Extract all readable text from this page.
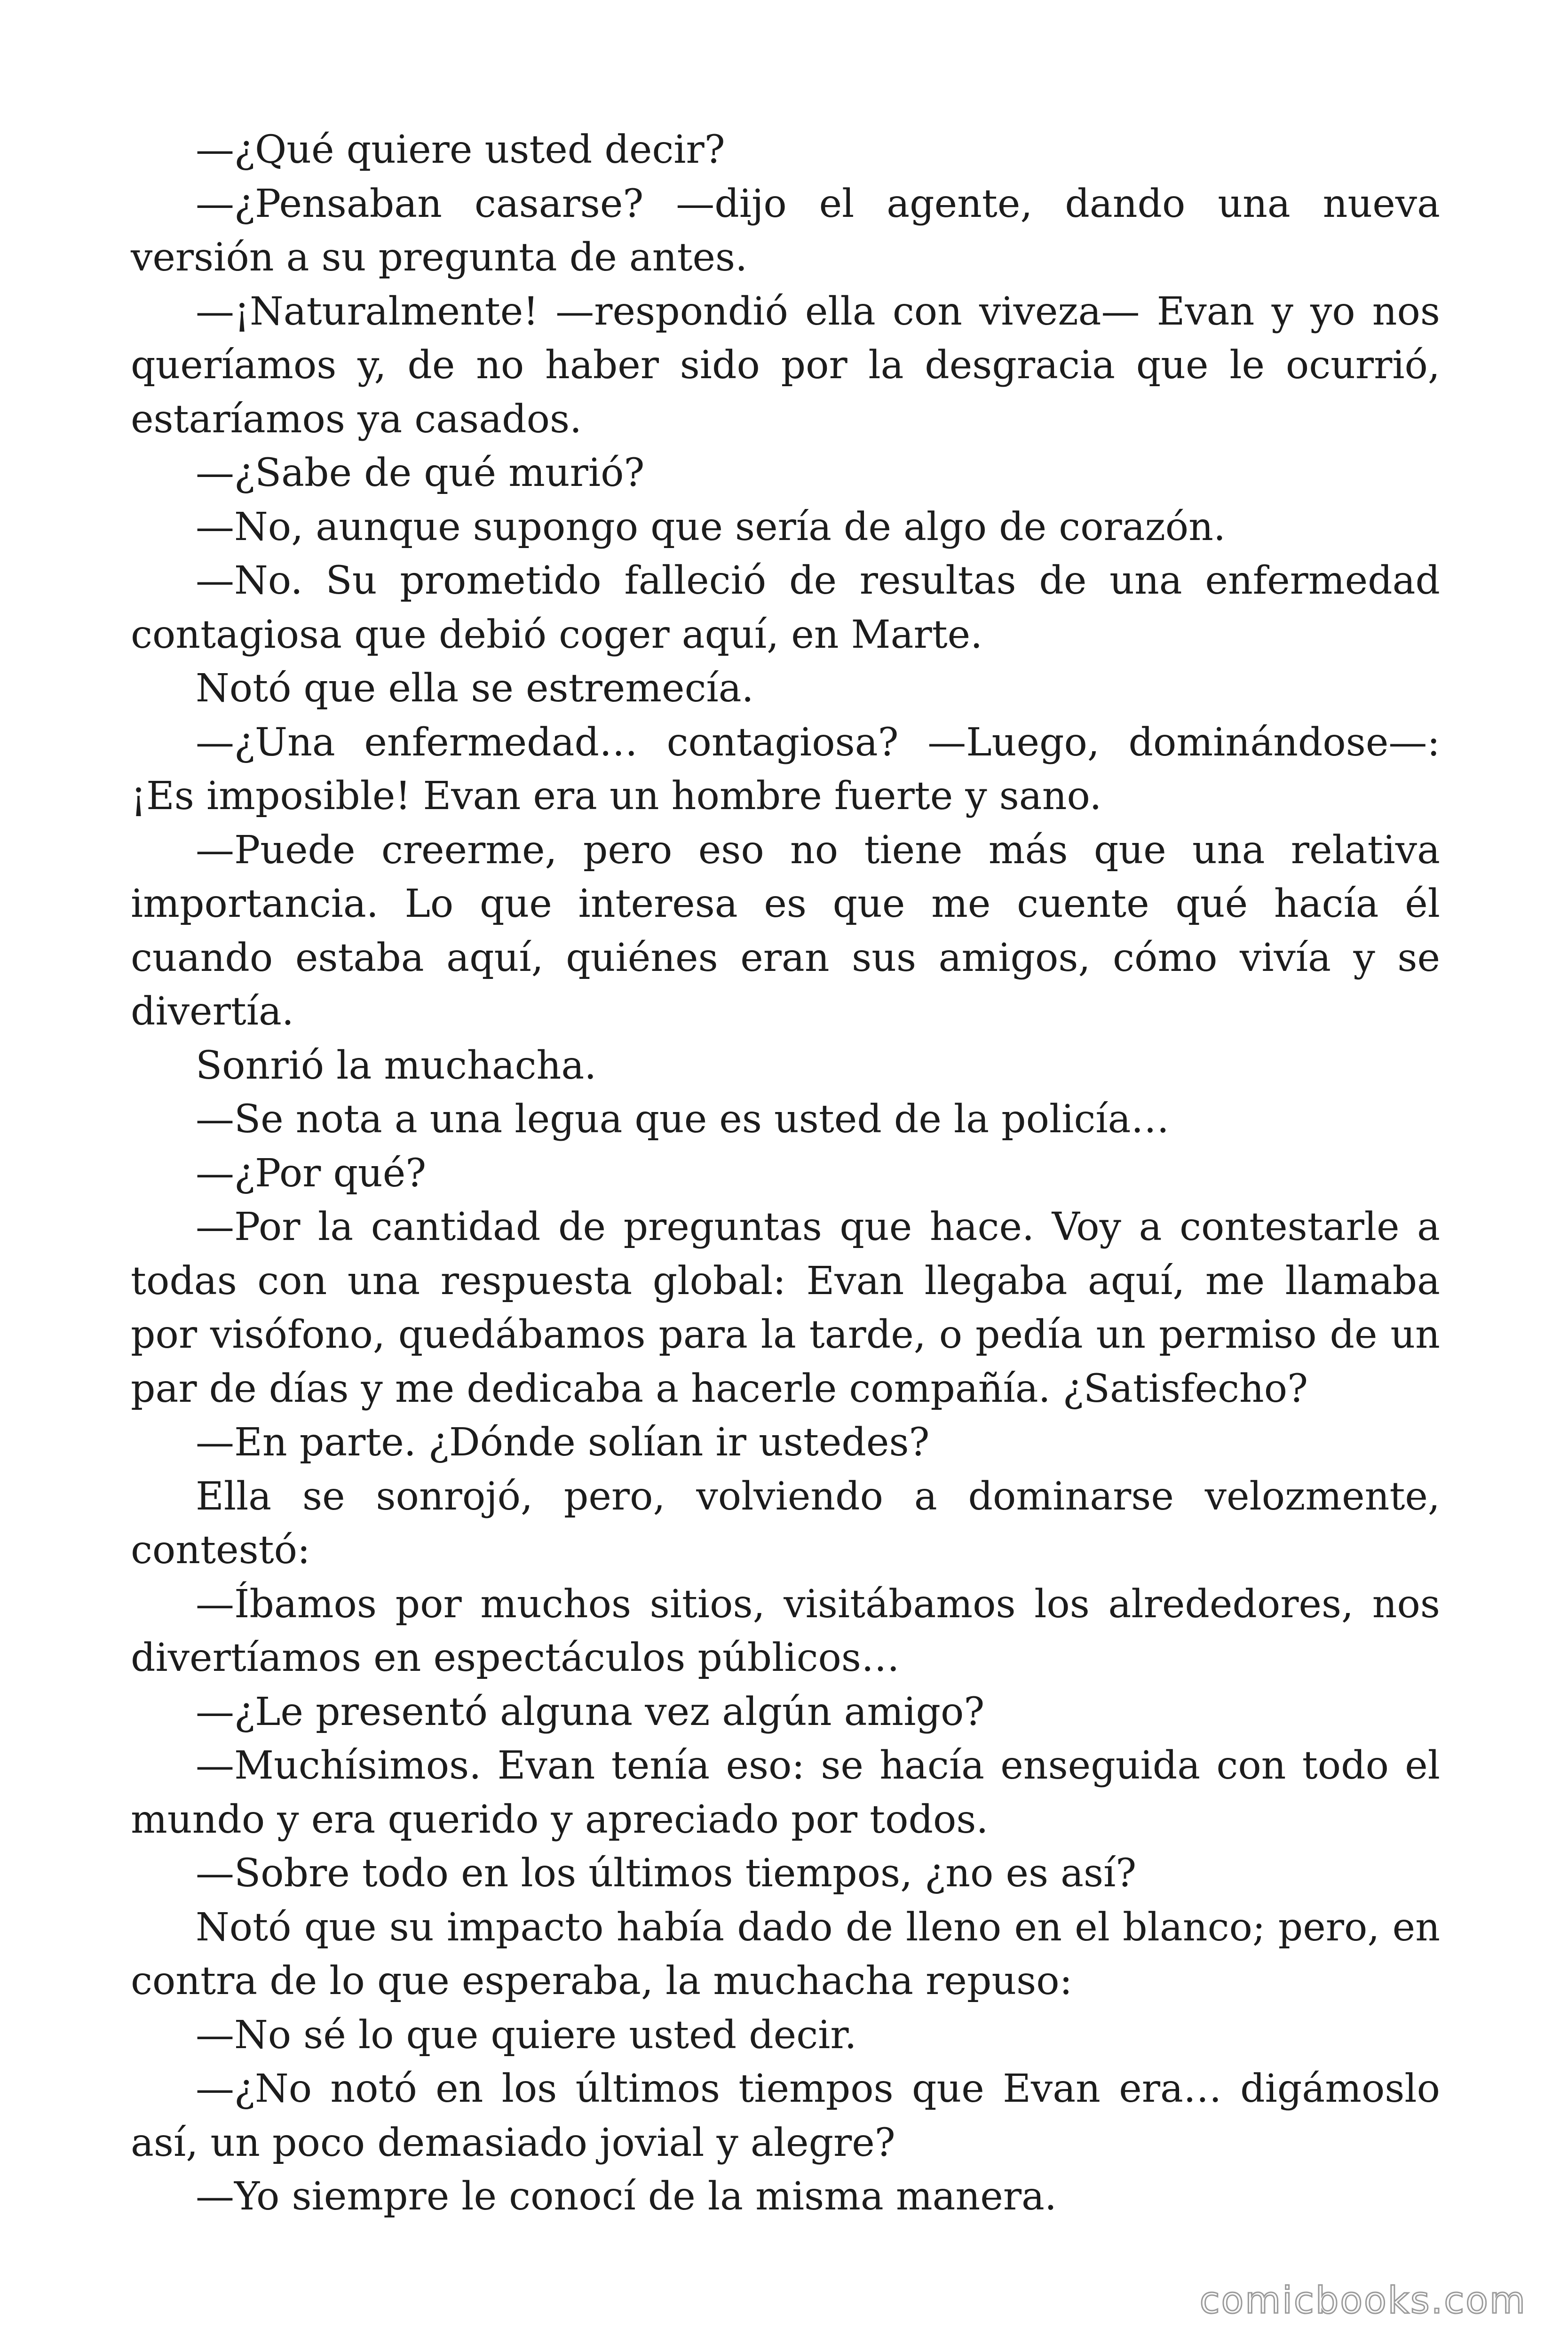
—¿Qué quiere usted decir?

—¿Pensaban casarse? —dijo el agente, dando una nueva versión a su pregunta de antes.

—¡Naturalmente! —respondió ella con viveza— Evan y yo nos queríamos y, de no haber sido por la desgracia que le ocurrió, estaríamos ya casados.

—¿Sabe de qué murió?

—No, aunque supongo que sería de algo de corazón.

—No. Su prometido falleció de resultas de una enfermedad contagiosa que debió coger aquí, en Marte.

Notó que ella se estremecía.

—¿Una enfermedad… contagiosa? —Luego, dominándose—: ¡Es imposible! Evan era un hombre fuerte y sano.

—Puede creerme, pero eso no tiene más que una relativa importancia. Lo que interesa es que me cuente qué hacía él cuando estaba aquí, quiénes eran sus amigos, cómo vivía y se divertía.

Sonrió la muchacha.

—Se nota a una legua que es usted de la policía…

—¿Por qué?

—Por la cantidad de preguntas que hace. Voy a contestarle a todas con una respuesta global: Evan llegaba aquí, me llamaba por visófono, quedábamos para la tarde, o pedía un permiso de un par de días y me dedicaba a hacerle compañía. ¿Satisfecho?

—En parte. ¿Dónde solían ir ustedes?

Ella se sonrojó, pero, volviendo a dominarse velozmente, contestó:

—Íbamos por muchos sitios, visitábamos los alrededores, nos divertíamos en espectáculos públicos…

—¿Le presentó alguna vez algún amigo?

—Muchísimos. Evan tenía eso: se hacía enseguida con todo el mundo y era querido y apreciado por todos.

—Sobre todo en los últimos tiempos, ¿no es así?

Notó que su impacto había dado de lleno en el blanco; pero, en contra de lo que esperaba, la muchacha repuso:

—No sé lo que quiere usted decir.

—¿No notó en los últimos tiempos que Evan era… digámoslo así, un poco demasiado jovial y alegre?

—Yo siempre le conocí de la misma manera.

comicbooks.com
